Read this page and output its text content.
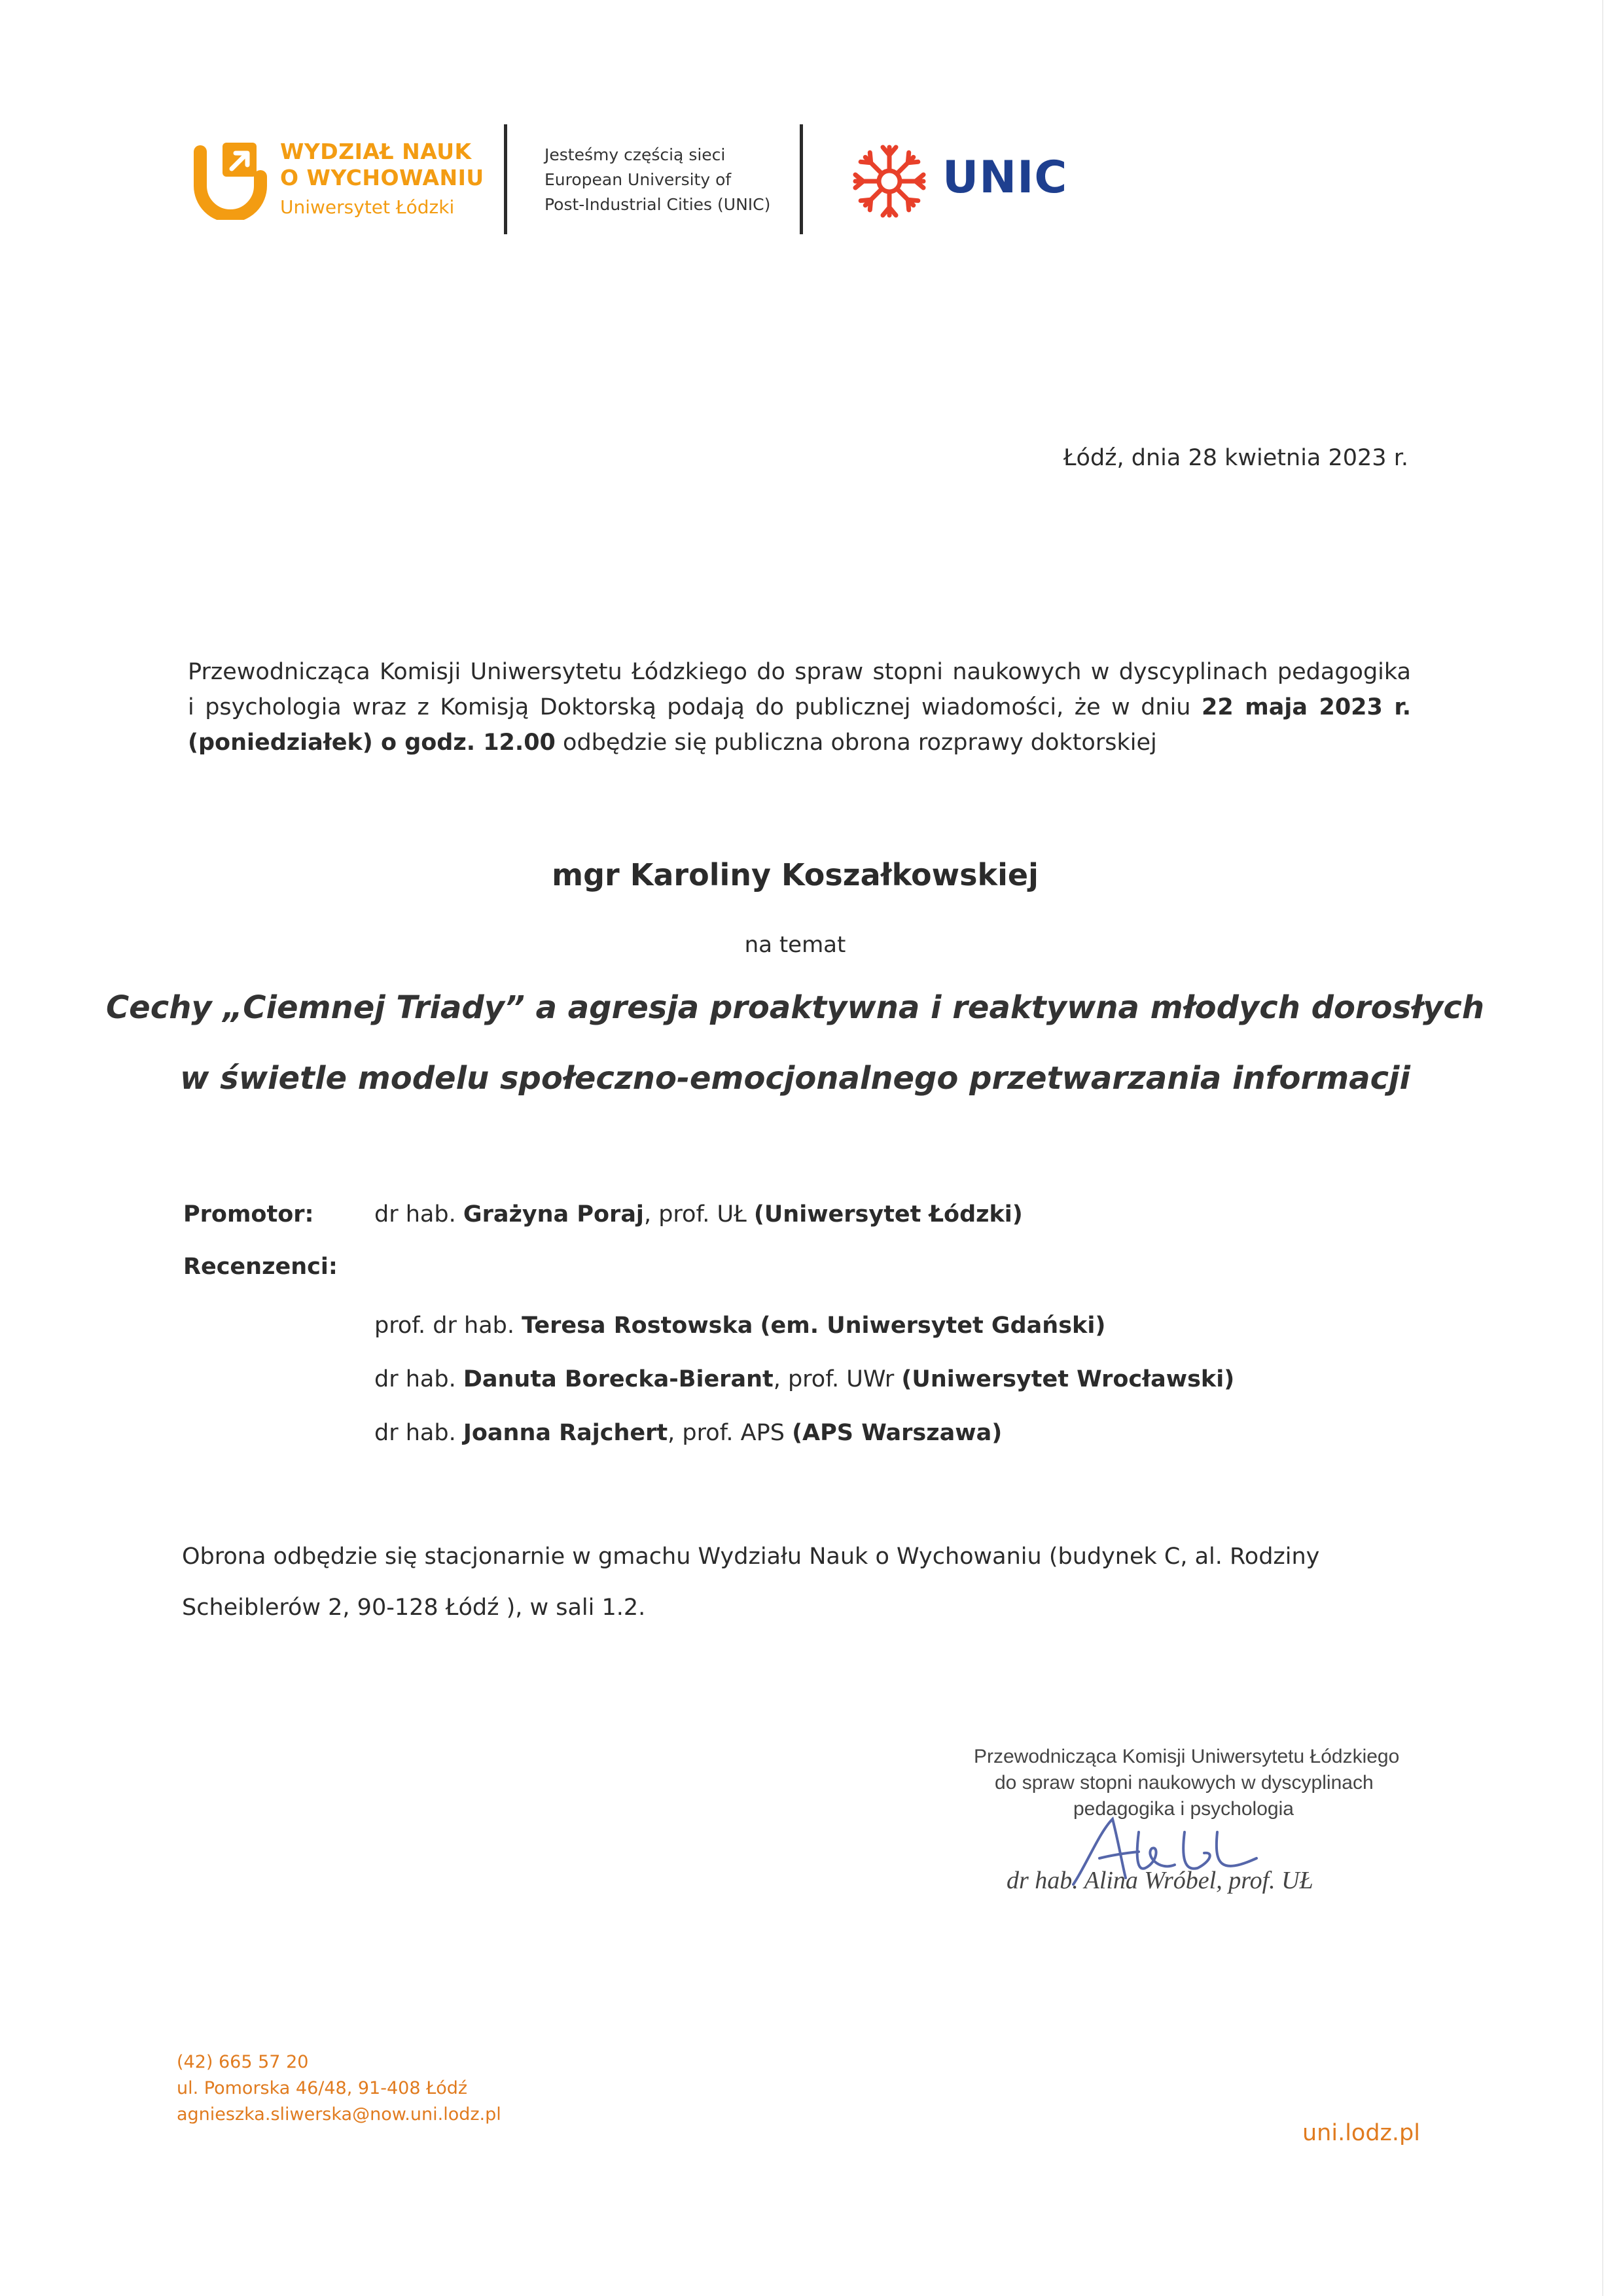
WYDZIAŁ NAUK
O WYCHOWANIU
Uniwersytet Łódzki
Jesteśmy częścią sieci
European University of
Post-Industrial Cities (UNIC)
UNIC
Łódź, dnia 28 kwietnia 2023 r.
Przewodnicząca Komisji Uniwersytetu Łódzkiego do spraw stopni naukowych w dyscyplinach pedagogika
i psychologia wraz z Komisją Doktorską podają do publicznej wiadomości, że w dniu 22 maja 2023 r.
(poniedziałek) o godz. 12.00 odbędzie się publiczna obrona rozprawy doktorskiej
mgr Karoliny Koszałkowskiej
na temat
Cechy „Ciemnej Triady” a agresja proaktywna i reaktywna młodych dorosłych
w świetle modelu społeczno-emocjonalnego przetwarzania informacji
Promotor:	dr hab. Grażyna Poraj, prof. UŁ (Uniwersytet Łódzki)
Recenzenci:
prof. dr hab. Teresa Rostowska (em. Uniwersytet Gdański)
dr hab. Danuta Borecka-Bierant, prof. UWr (Uniwersytet Wrocławski)
dr hab. Joanna Rajchert, prof. APS (APS Warszawa)
Obrona odbędzie się stacjonarnie w gmachu Wydziału Nauk o Wychowaniu (budynek C, al. Rodziny Scheiblerów 2, 90-128 Łódź ), w sali 1.2.
Przewodnicząca Komisji Uniwersytetu Łódzkiego
do spraw stopni naukowych w dyscyplinach
pedagogika i psychologia
dr hab. Alina Wróbel, prof. UŁ
(42) 665 57 20
ul. Pomorska 46/48, 91-408 Łódź
agnieszka.sliwerska@now.uni.lodz.pl
uni.lodz.pl
